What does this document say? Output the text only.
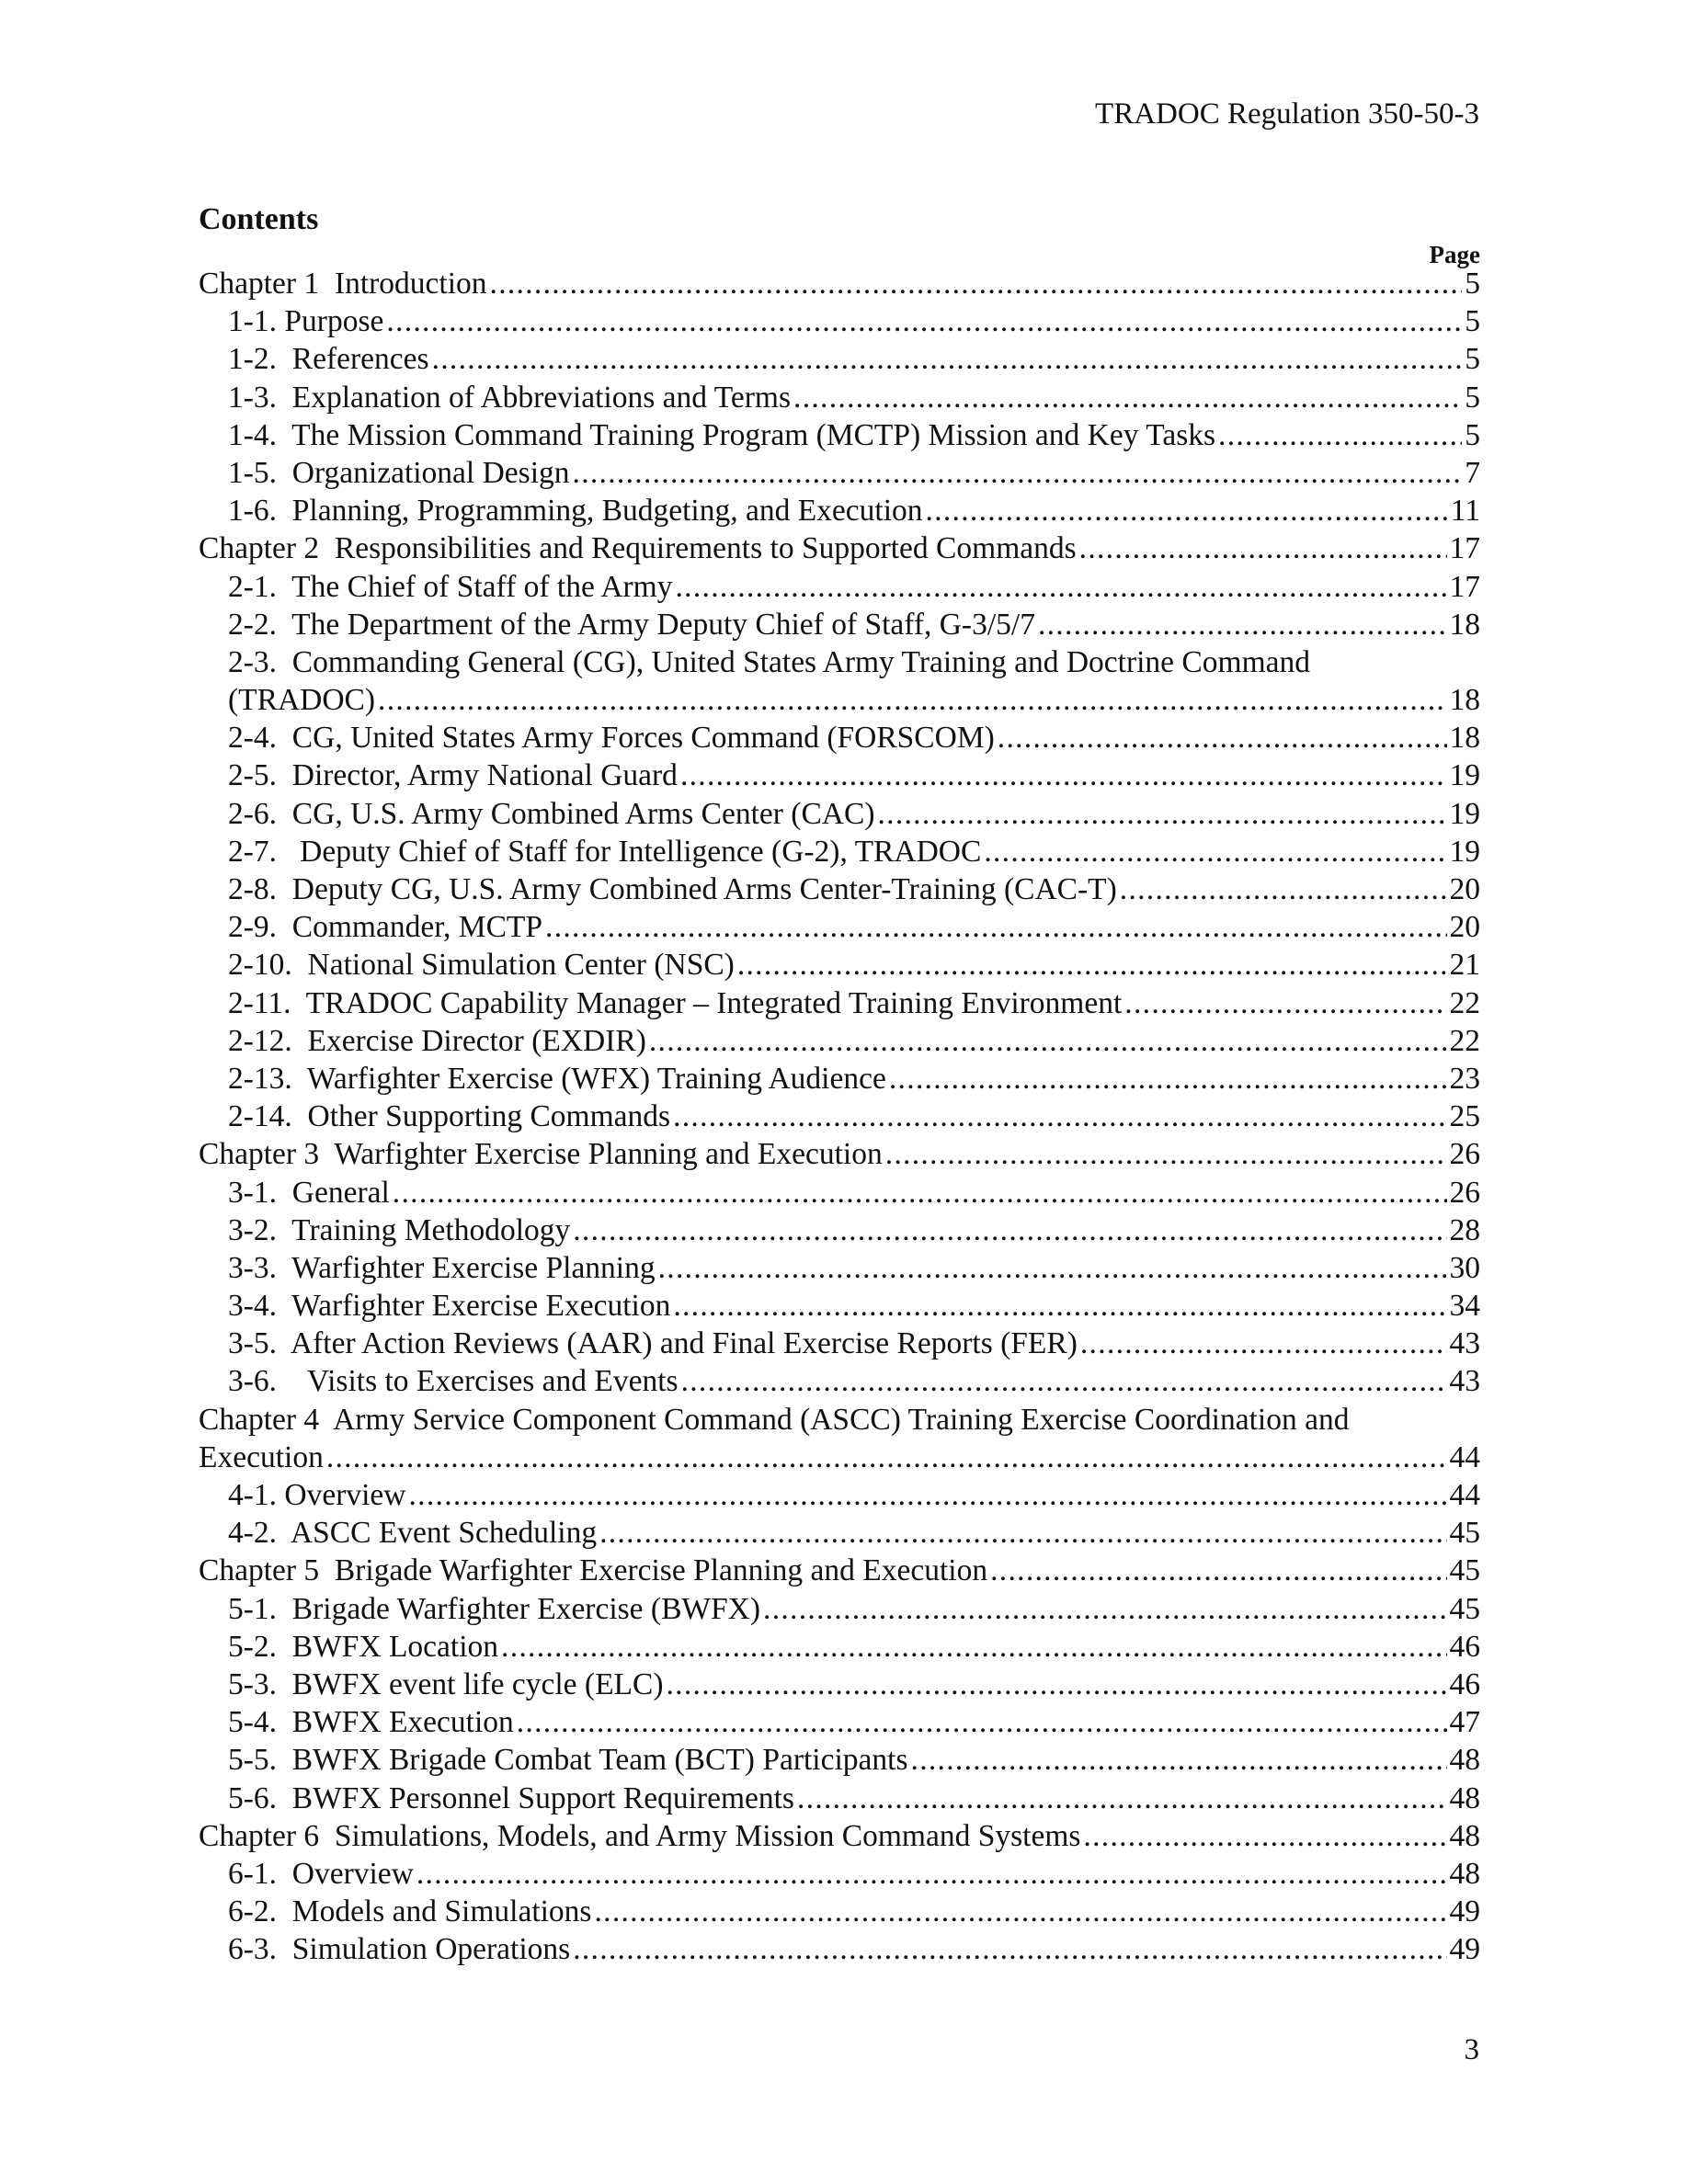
TRADOC Regulation 350-50-3
Contents
Page
Chapter 1  Introduction .....	5
1-1. Purpose .....	5
1-2.  References .....	5
1-3.  Explanation of Abbreviations and Terms .....	5
1-4.  The Mission Command Training Program (MCTP) Mission and Key Tasks .....	5
1-5.  Organizational Design .....	7
1-6.  Planning, Programming, Budgeting, and Execution .....	11
Chapter 2  Responsibilities and Requirements to Supported Commands .....	17
2-1.  The Chief of Staff of the Army .....	17
2-2.  The Department of the Army Deputy Chief of Staff, G-3/5/7 .....	18
2-3.  Commanding General (CG), United States Army Training and Doctrine Command
(TRADOC) .....	18
2-4.  CG, United States Army Forces Command (FORSCOM) .....	18
2-5.  Director, Army National Guard .....	19
2-6.  CG, U.S. Army Combined Arms Center (CAC) .....	19
2-7.   Deputy Chief of Staff for Intelligence (G-2), TRADOC .....	19
2-8.  Deputy CG, U.S. Army Combined Arms Center-Training (CAC-T) .....	20
2-9.  Commander, MCTP .....	20
2-10.  National Simulation Center (NSC) .....	21
2-11.  TRADOC Capability Manager – Integrated Training Environment .....	22
2-12.  Exercise Director (EXDIR) .....	22
2-13.  Warfighter Exercise (WFX) Training Audience .....	23
2-14.  Other Supporting Commands .....	25
Chapter 3  Warfighter Exercise Planning and Execution .....	26
3-1.  General .....	26
3-2.  Training Methodology .....	28
3-3.  Warfighter Exercise Planning .....	30
3-4.  Warfighter Exercise Execution .....	34
3-5.  After Action Reviews (AAR) and Final Exercise Reports (FER) .....	43
3-6.    Visits to Exercises and Events .....	43
Chapter 4  Army Service Component Command (ASCC) Training Exercise Coordination and
Execution .....	44
4-1. Overview .....	44
4-2.  ASCC Event Scheduling .....	45
Chapter 5  Brigade Warfighter Exercise Planning and Execution .....	45
5-1.  Brigade Warfighter Exercise (BWFX) .....	45
5-2.  BWFX Location .....	46
5-3.  BWFX event life cycle (ELC) .....	46
5-4.  BWFX Execution .....	47
5-5.  BWFX Brigade Combat Team (BCT) Participants .....	48
5-6.  BWFX Personnel Support Requirements .....	48
Chapter 6  Simulations, Models, and Army Mission Command Systems .....	48
6-1.  Overview .....	48
6-2.  Models and Simulations .....	49
6-3.  Simulation Operations .....	49
3
